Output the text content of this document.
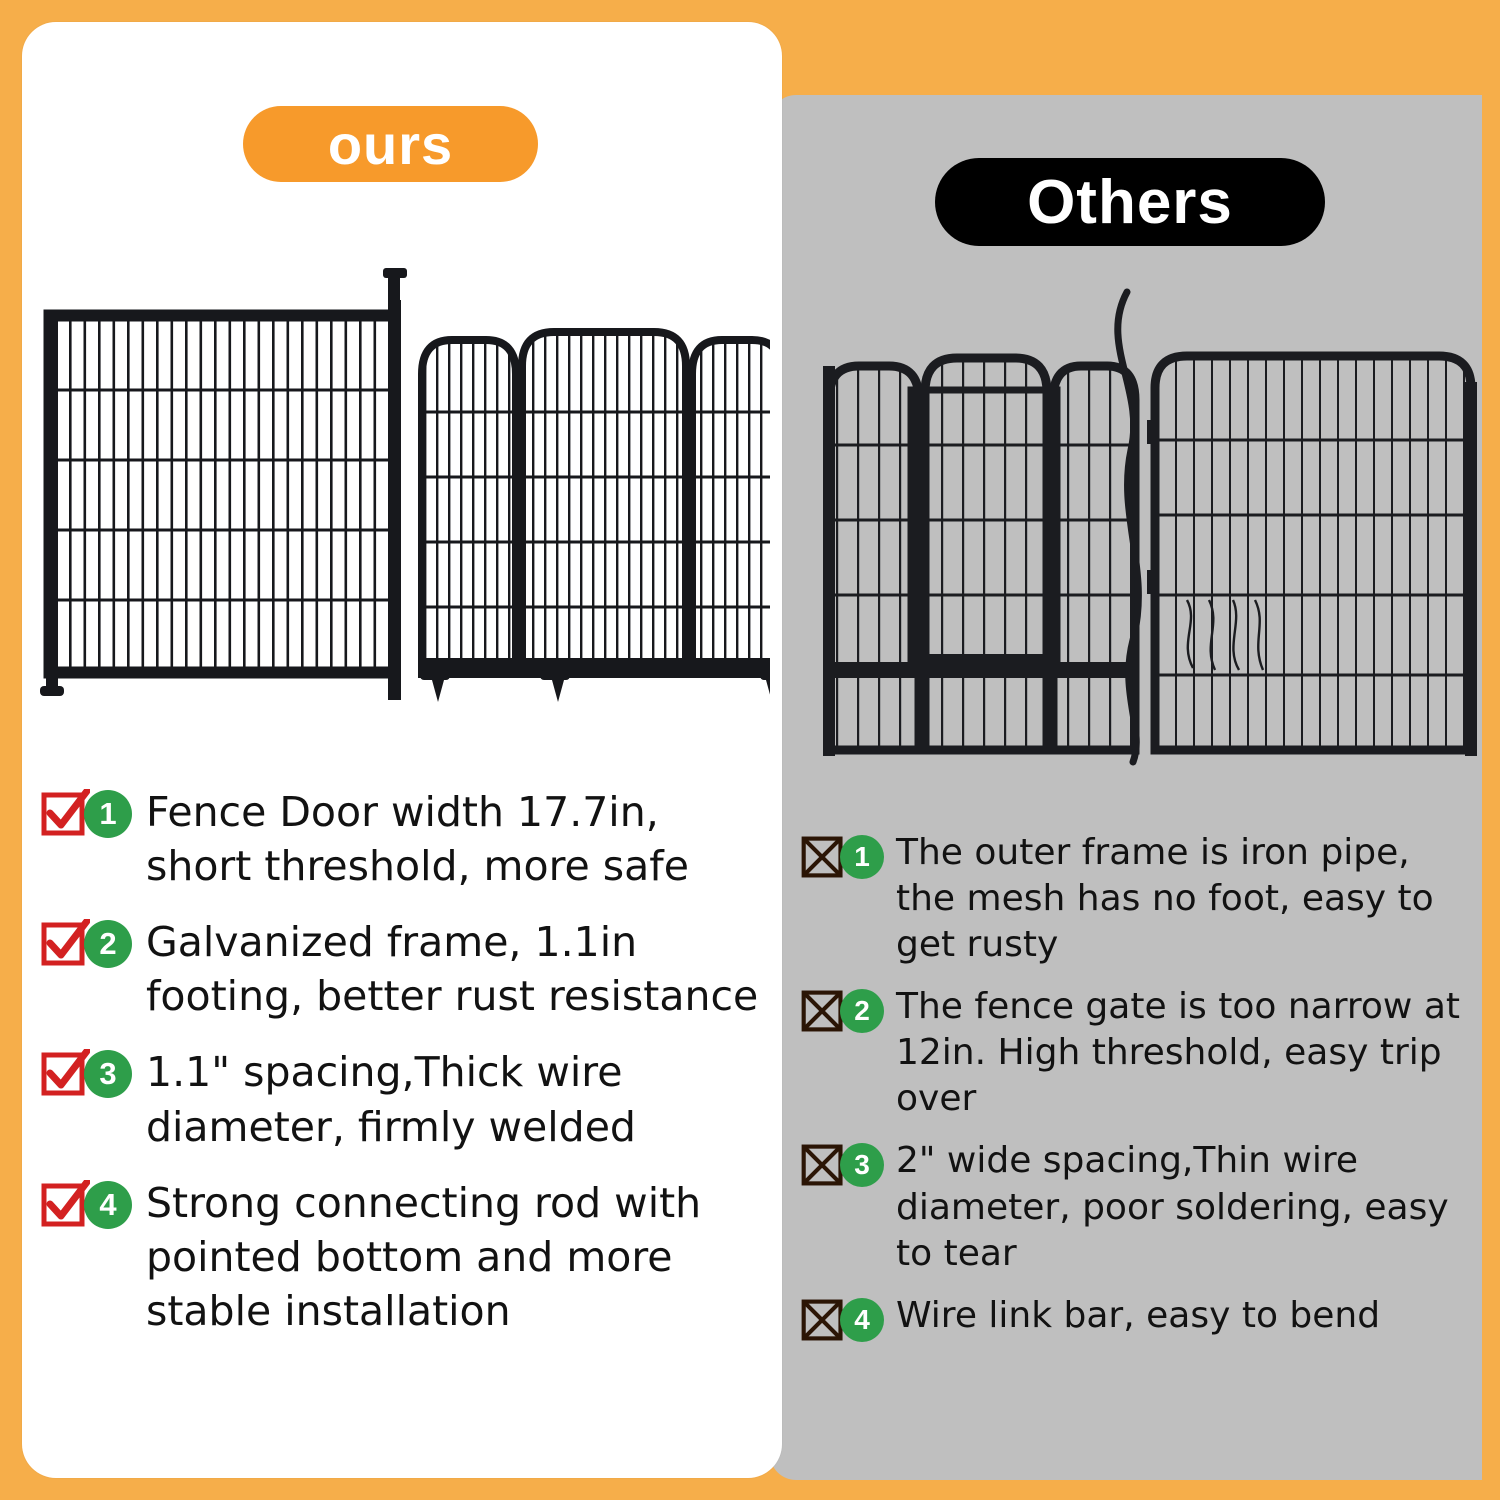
ours
Others
1 Fence Door width 17.7in, short threshold, more safe
2 Galvanized frame, 1.1in footing, better rust resistance
3 1.1" spacing,Thick wire diameter, firmly welded
4 Strong connecting rod with pointed bottom and more stable installation
1 The outer frame is iron pipe, the mesh has no foot, easy to get rusty
2 The fence gate is too narrow at 12in. High threshold, easy trip over
3 2" wide spacing,Thin wire diameter, poor soldering, easy to tear
4 Wire link bar, easy to bend
